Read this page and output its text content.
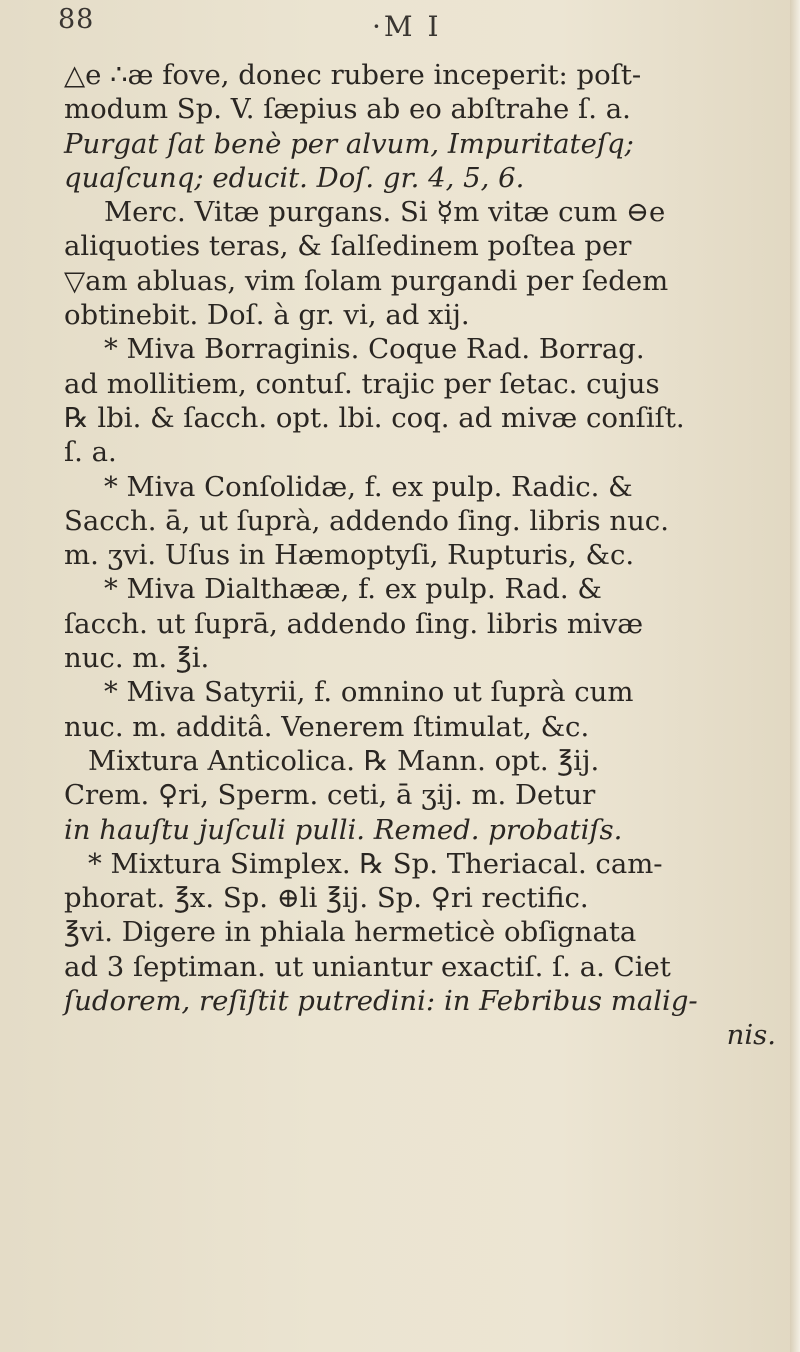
88	·M I
△e ∴æ fove, donec rubere inceperit: poſt-
modum Sp. V. ſæpius ab eo abſtrahe ſ. a.
Purgat ſat benè per alvum, Impuritateſq;
quaſcunq; educit. Doſ. gr. 4, 5, 6.
Merc. Vitæ purgans. Si ☿m vitæ cum ⊖e
aliquoties teras, & ſalſedinem poſtea per
▽am abluas, vim ſolam purgandi per ſedem
obtinebit. Doſ. à gr. vi, ad xij.
* Miva Borraginis. Coque Rad. Borrag.
ad mollitiem, contuſ. trajic per ſetac. cujus
℞ lbi. & ſacch. opt. lbi. coq. ad mivæ conſiſt.
ſ. a.
* Miva Conſolidæ, f. ex pulp. Radic. &
Sacch. ā, ut ſuprà, addendo ſing. libris nuc.
m. ʒvi. Uſus in Hæmoptyſi, Rupturis, &c.
* Miva Dialthææ, f. ex pulp. Rad. &
ſacch. ut ſuprā, addendo ſing. libris mivæ
nuc. m. ℥i.
* Miva Satyrii, f. omnino ut ſuprà cum
nuc. m. additâ. Venerem ſtimulat, &c.
Mixtura Anticolica. ℞ Mann. opt. ℥ij.
Crem. ♀ri, Sperm. ceti, ā ʒij. m. Detur
in hauſtu juſculi pulli. Remed. probatiſs.
* Mixtura Simplex. ℞ Sp. Theriacal. cam-
phorat. ℥x. Sp. ⊕li ℥ij. Sp. ♀ri rectific.
℥vi. Digere in phiala hermeticè obſignata
ad 3 ſeptiman. ut uniantur exactiſ. ſ. a. Ciet
ſudorem, reſiſtit putredini: in Febribus malig-
nis.
